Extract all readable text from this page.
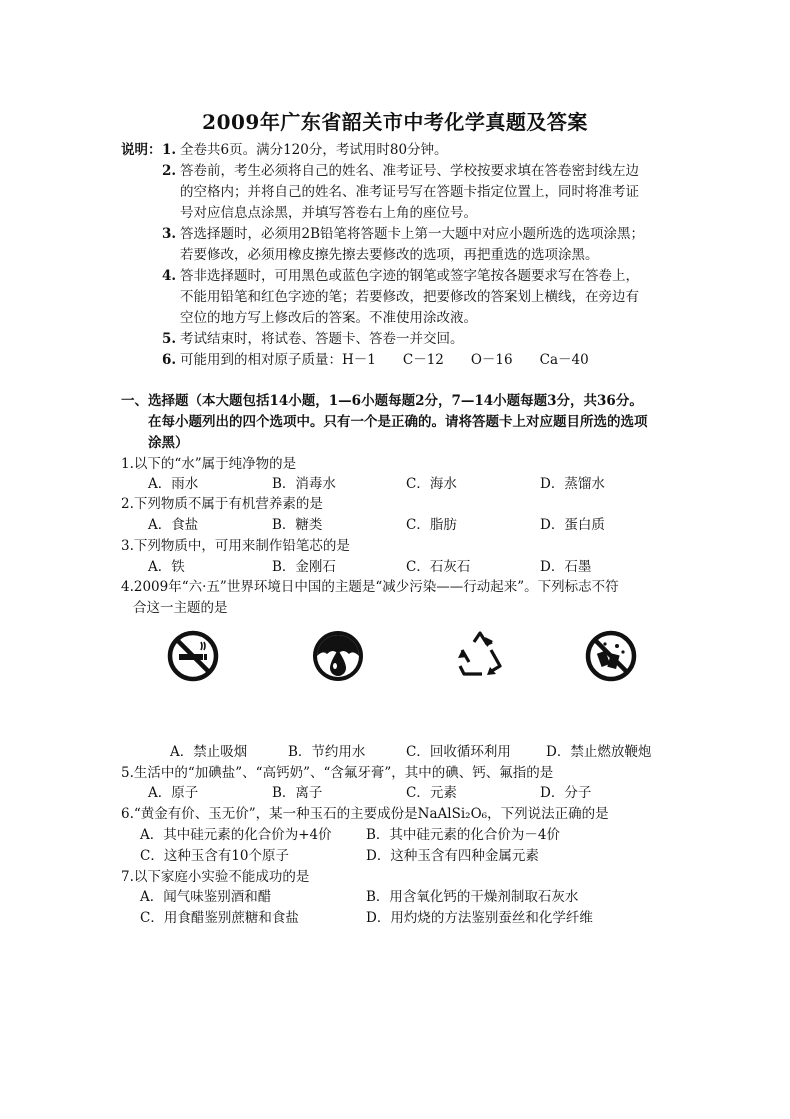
2009年广东省韶关市中考化学真题及答案
说明： 1. 全卷共6页。满分120分，考试用时80分钟。
2. 答卷前，考生必须将自己的姓名、准考证号、学校按要求填在答卷密封线左边
的空格内；并将自己的姓名、准考证号写在答题卡指定位置上，同时将准考证
号对应信息点涂黑，并填写答卷右上角的座位号。
3. 答选择题时，必须用2B铅笔将答题卡上第一大题中对应小题所选的选项涂黑；
若要修改，必须用橡皮擦先擦去要修改的选项，再把重选的选项涂黑。
4. 答非选择题时，可用黑色或蓝色字迹的钢笔或签字笔按各题要求写在答卷上，
不能用铅笔和红色字迹的笔；若要修改，把要修改的答案划上横线，在旁边有
空位的地方写上修改后的答案。不准使用涂改液。
5. 考试结束时，将试卷、答题卡、答卷一并交回。
6. 可能用到的相对原子质量：H－1　　C－12　　O－16　　Ca－40
一、选择题（本大题包括14小题，1—6小题每题2分，7—14小题每题3分，共36分。
在每小题列出的四个选项中。只有一个是正确的。请将答题卡上对应题目所选的选项
涂黑）
1.以下的“水”属于纯净物的是
A．雨水	B．消毒水	C．海水	D．蒸馏水
2.下列物质不属于有机营养素的是
A．食盐	B．糖类	C．脂肪	D．蛋白质
3.下列物质中，可用来制作铅笔芯的是
A．铁	B．金刚石	C．石灰石	D．石墨
4.2009年“六·五”世界环境日中国的主题是“减少污染——行动起来”。下列标志不符
合这一主题的是
A．禁止吸烟	B．节约用水	C．回收循环利用	D．禁止燃放鞭炮
5.生活中的“加碘盐”、“高钙奶”、“含氟牙膏”，其中的碘、钙、氟指的是
A．原子	B．离子	C．元素	D．分子
6.“黄金有价、玉无价”，某一种玉石的主要成份是NaAlSi₂O₆，下列说法正确的是
A．其中硅元素的化合价为+4价	B．其中硅元素的化合价为－4价
C．这种玉含有10个原子	D．这种玉含有四种金属元素
7.以下家庭小实验不能成功的是
A．闻气味鉴别酒和醋	B．用含氧化钙的干燥剂制取石灰水
C．用食醋鉴别蔗糖和食盐	D．用灼烧的方法鉴别蚕丝和化学纤维
